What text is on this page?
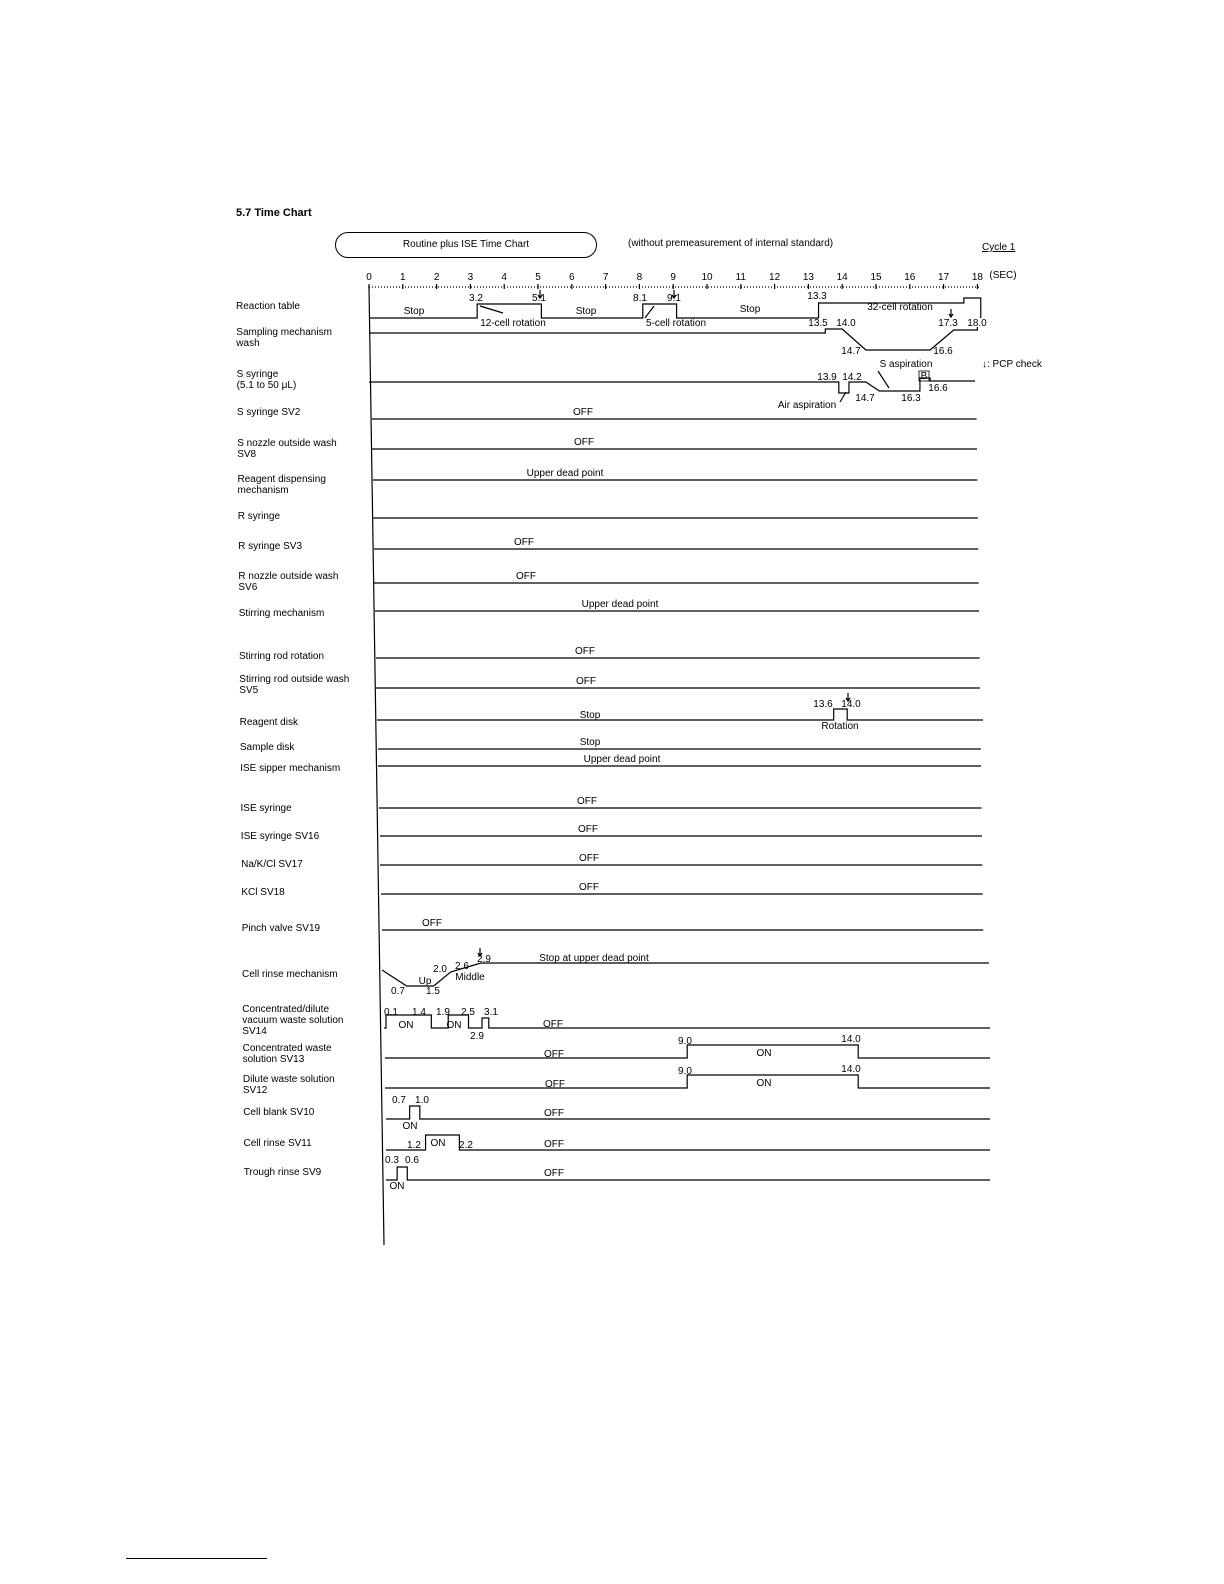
5.7 Time Chart
Routine plus ISE Time Chart	(without premeasurement of internal standard)	Cycle 1
Reaction table
Sampling mechanism
wash
S syringe
(5.1 to 50 μL)
S syringe SV2
S nozzle outside wash
SV8
Reagent dispensing
mechanism
R syringe
R syringe SV3
R nozzle outside wash
SV6
Stirring mechanism
Stirring rod rotation
Stirring rod outside wash
SV5
Reagent disk
Sample disk
ISE sipper mechanism
ISE syringe
ISE syringe SV16
Na/K/Cl SV17
KCl SV18
Pinch valve SV19
Cell rinse mechanism
Concentrated/dilute
vacuum waste solution
SV14
Concentrated waste
solution SV13
Dilute waste solution
SV12
Cell blank SV10
Cell rinse SV11
Trough rinse SV9
0	1	2	3	4	5	6	7	8	9	10 11 12 13 14 15 16 17 18 (SEC)
Stop
3.2
12-cell rotation
5.1
Stop
8.1 9.1
5-cell rotation
Stop
13.3
32-cell rotation
13.5 14.0	17.3 18.0
14.7	16.6
S aspiration
13.9 14.2	B
16.6
14.7	16.3
Air aspiration
↓: PCP check
OFF
OFF
Upper dead point
OFF
OFF
Upper dead point
OFF
OFF
13.6 14.0
Stop
Rotation
Stop
Upper dead point
OFF
OFF
OFF
OFF
OFF
2.9
2.0 2.6
Stop at upper dead point
Up Middle
0.7 1.5
0.1 1.4 1.9 2.5 3.1
ON	ON	OFF
2.9	9.0	14.0
OFF	ON
9.0	14.0
OFF	ON
0.7 1.0
OFF
ON
1.2 ON 2.2	OFF
0.3 0.6
OFF
ON
